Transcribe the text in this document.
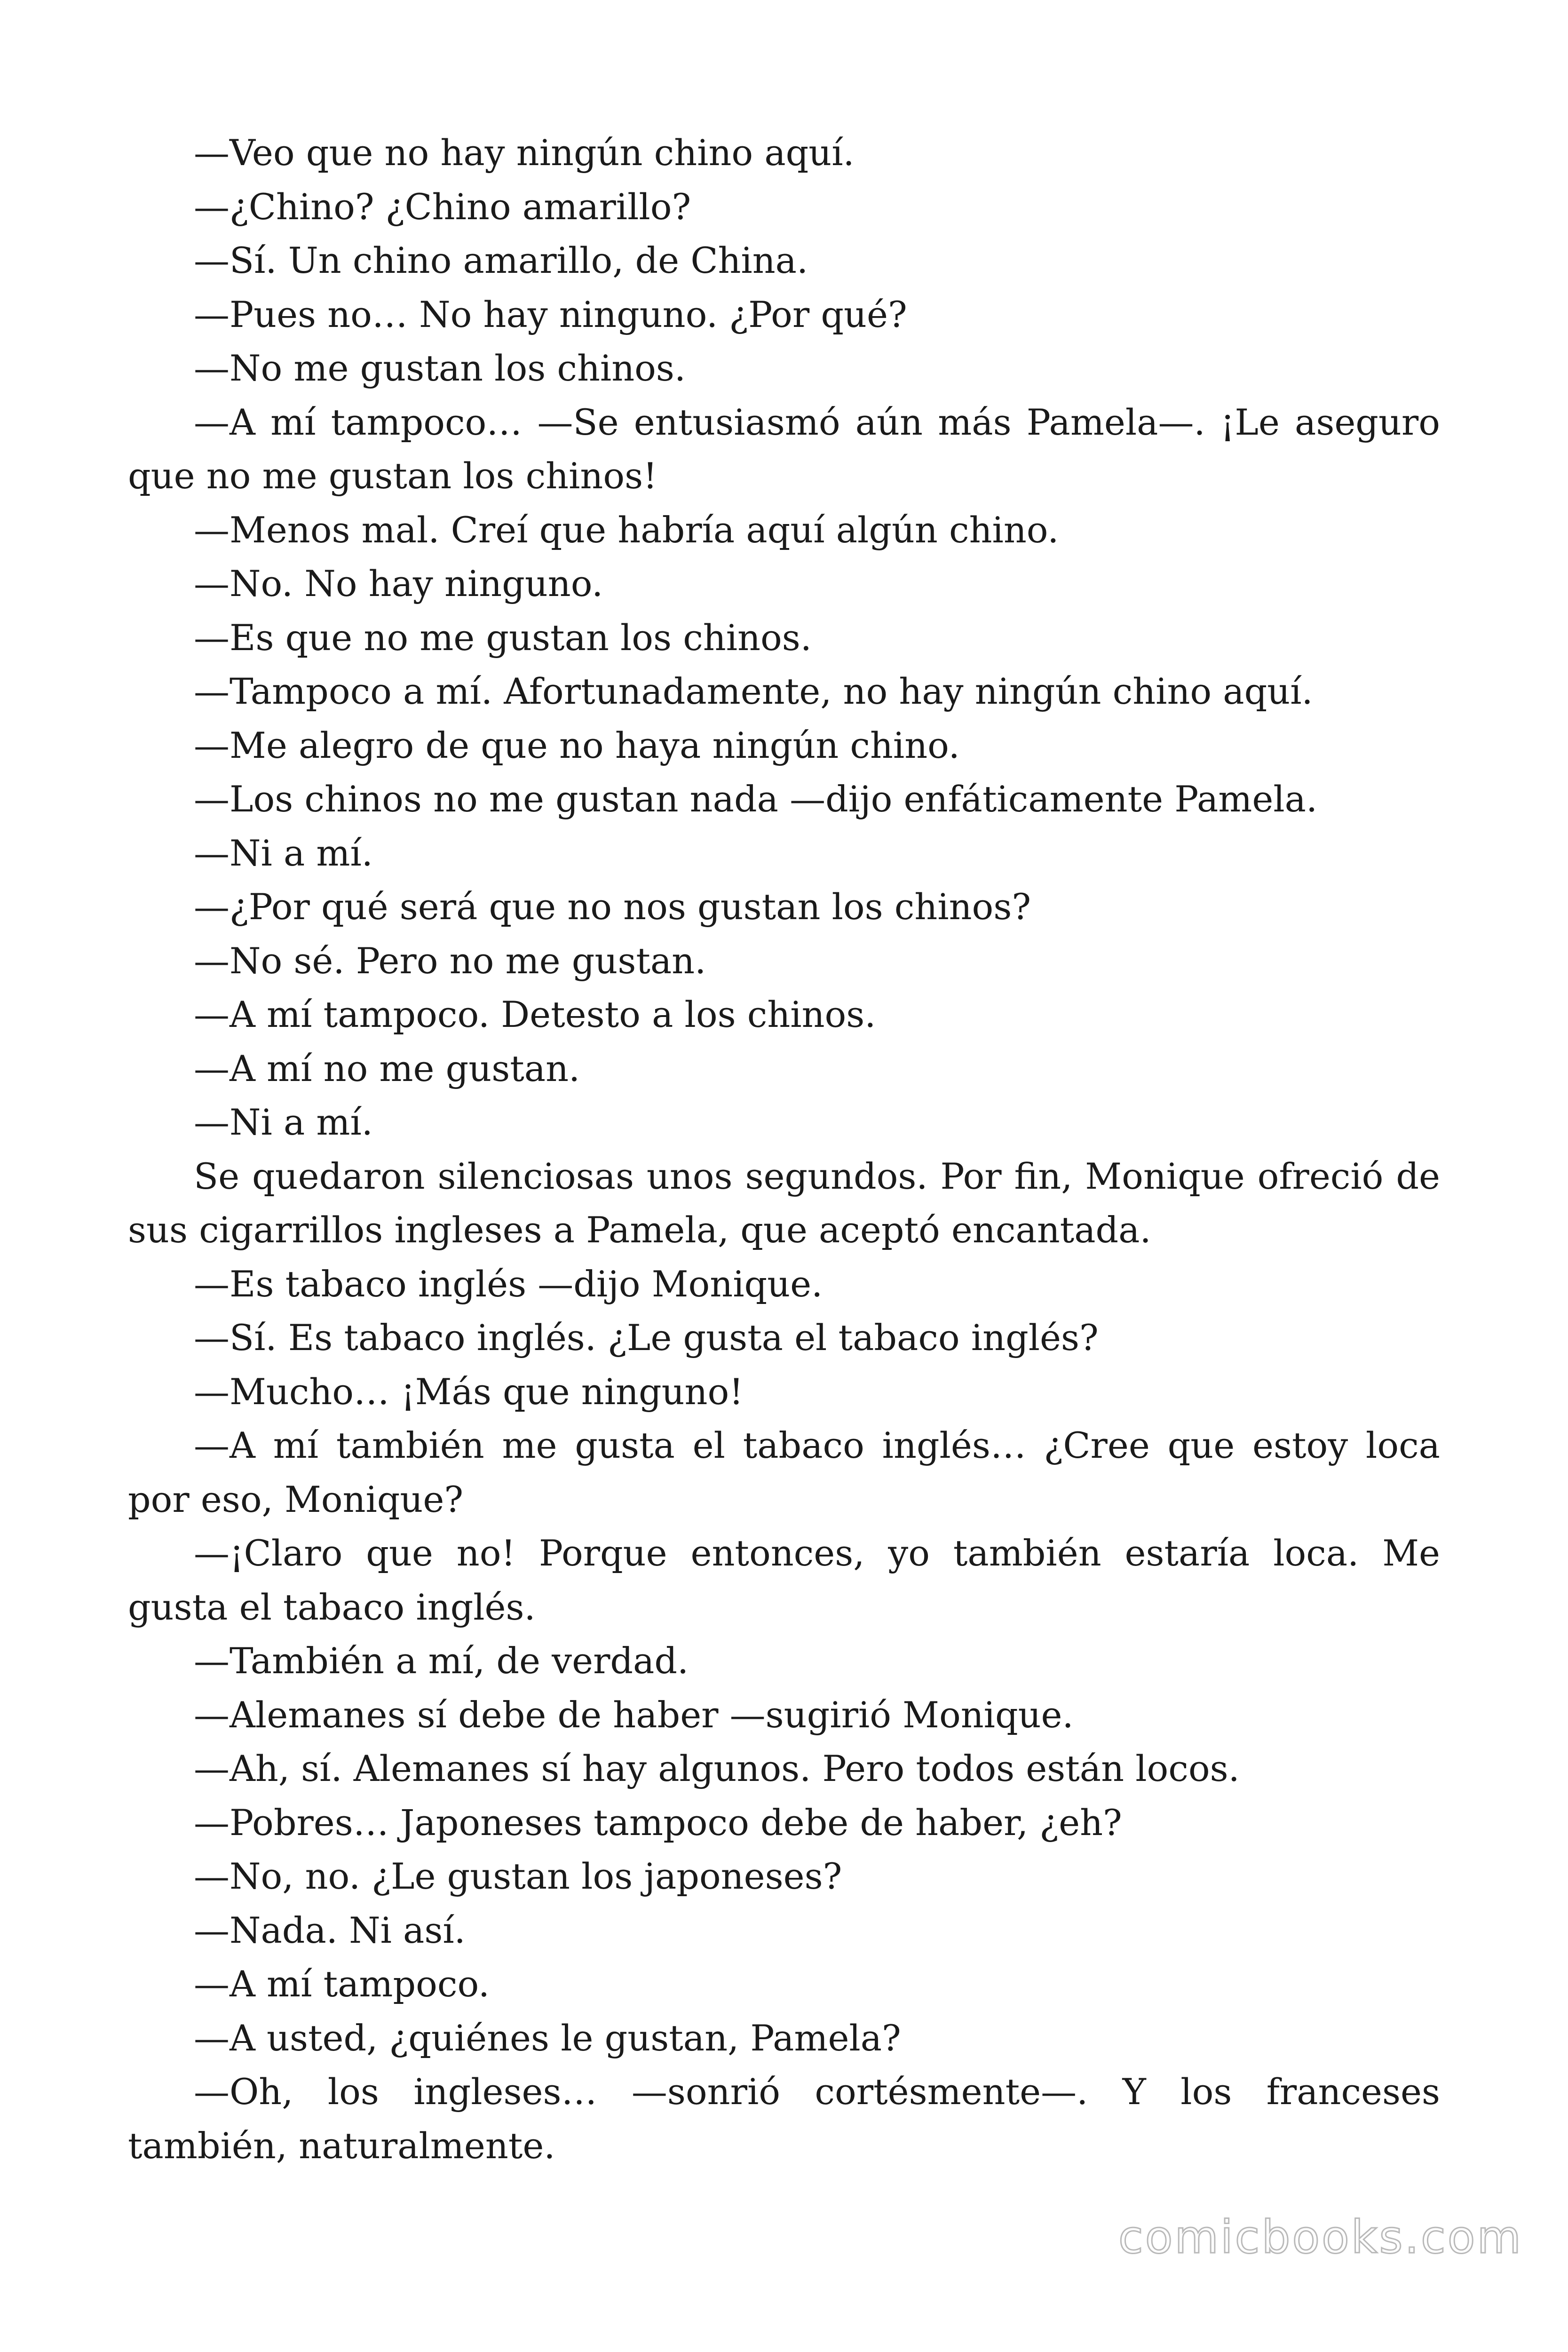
—Veo que no hay ningún chino aquí.

—¿Chino? ¿Chino amarillo?

—Sí. Un chino amarillo, de China.

—Pues no… No hay ninguno. ¿Por qué?

—No me gustan los chinos.

—A mí tampoco… —Se entusiasmó aún más Pamela—. ¡Le aseguro que no me gustan los chinos!

—Menos mal. Creí que habría aquí algún chino.

—No. No hay ninguno.

—Es que no me gustan los chinos.

—Tampoco a mí. Afortunadamente, no hay ningún chino aquí.

—Me alegro de que no haya ningún chino.

—Los chinos no me gustan nada —dijo enfáticamente Pamela.

—Ni a mí.

—¿Por qué será que no nos gustan los chinos?

—No sé. Pero no me gustan.

—A mí tampoco. Detesto a los chinos.

—A mí no me gustan.

—Ni a mí.

Se quedaron silenciosas unos segundos. Por fin, Monique ofreció de sus cigarrillos ingleses a Pamela, que aceptó encantada.

—Es tabaco inglés —dijo Monique.

—Sí. Es tabaco inglés. ¿Le gusta el tabaco inglés?

—Mucho… ¡Más que ninguno!

—A mí también me gusta el tabaco inglés… ¿Cree que estoy loca por eso, Monique?

—¡Claro que no! Porque entonces, yo también estaría loca. Me gusta el tabaco inglés.

—También a mí, de verdad.

—Alemanes sí debe de haber —sugirió Monique.

—Ah, sí. Alemanes sí hay algunos. Pero todos están locos.

—Pobres… Japoneses tampoco debe de haber, ¿eh?

—No, no. ¿Le gustan los japoneses?

—Nada. Ni así.

—A mí tampoco.

—A usted, ¿quiénes le gustan, Pamela?

—Oh, los ingleses… —sonrió cortésmente—. Y los franceses también, naturalmente.

comicbooks.com
